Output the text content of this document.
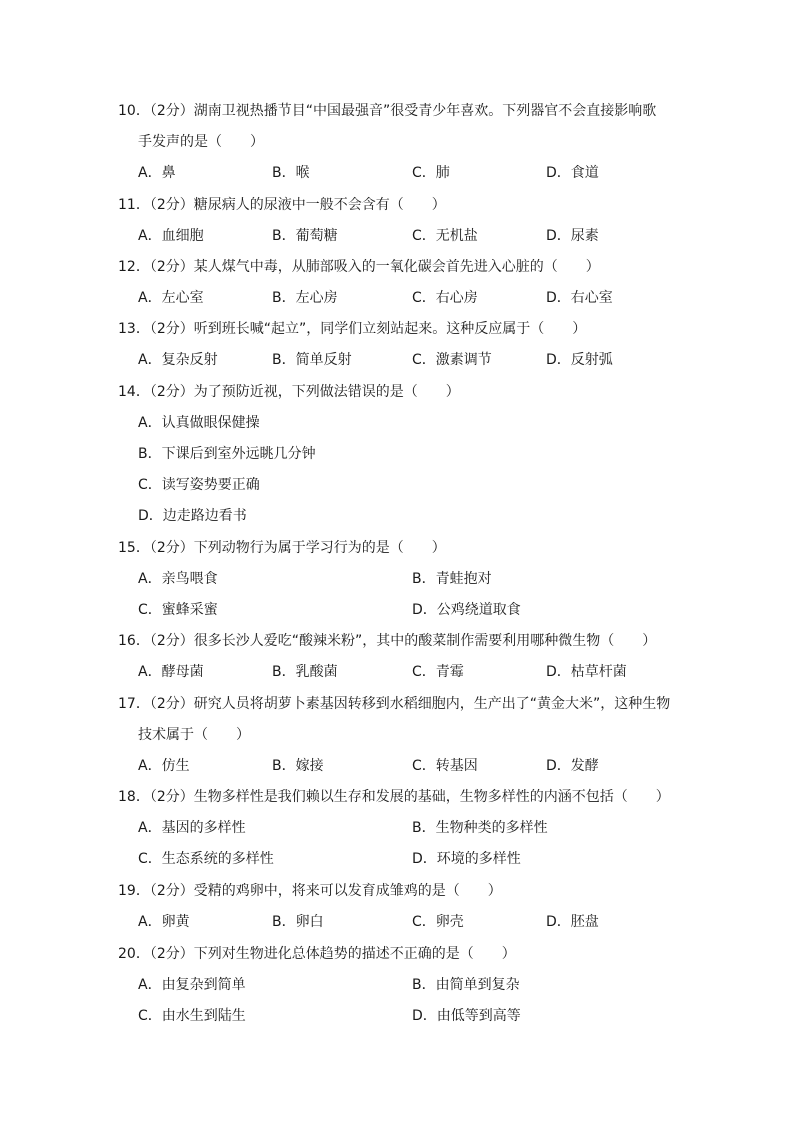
10．（2分）湖南卫视热播节目“中国最强音”很受青少年喜欢。下列器官不会直接影响歌
手发声的是（　　）
A．鼻	B．喉	C．肺	D．食道
11．（2分）糖尿病人的尿液中一般不会含有（　　）
A．血细胞	B．葡萄糖	C．无机盐	D．尿素
12．（2分）某人煤气中毒，从肺部吸入的一氧化碳会首先进入心脏的（　　）
A．左心室	B．左心房	C．右心房	D．右心室
13．（2分）听到班长喊“起立”，同学们立刻站起来。这种反应属于（　　）
A．复杂反射	B．简单反射	C．激素调节	D．反射弧
14．（2分）为了预防近视，下列做法错误的是（　　）
A．认真做眼保健操
B．下课后到室外远眺几分钟
C．读写姿势要正确
D．边走路边看书
15．（2分）下列动物行为属于学习行为的是（　　）
A．亲鸟喂食	B．青蛙抱对
C．蜜蜂采蜜	D．公鸡绕道取食
16．（2分）很多长沙人爱吃“酸辣米粉”，其中的酸菜制作需要利用哪种微生物（　　）
A．酵母菌	B．乳酸菌	C．青霉	D．枯草杆菌
17．（2分）研究人员将胡萝卜素基因转移到水稻细胞内，生产出了“黄金大米”，这种生物
技术属于（　　）
A．仿生	B．嫁接	C．转基因	D．发酵
18．（2分）生物多样性是我们赖以生存和发展的基础，生物多样性的内涵不包括（　　）
A．基因的多样性	B．生物种类的多样性
C．生态系统的多样性	D．环境的多样性
19．（2分）受精的鸡卵中，将来可以发育成雏鸡的是（　　）
A．卵黄	B．卵白	C．卵壳	D．胚盘
20．（2分）下列对生物进化总体趋势的描述不正确的是（　　）
A．由复杂到简单	B．由简单到复杂
C．由水生到陆生	D．由低等到高等
